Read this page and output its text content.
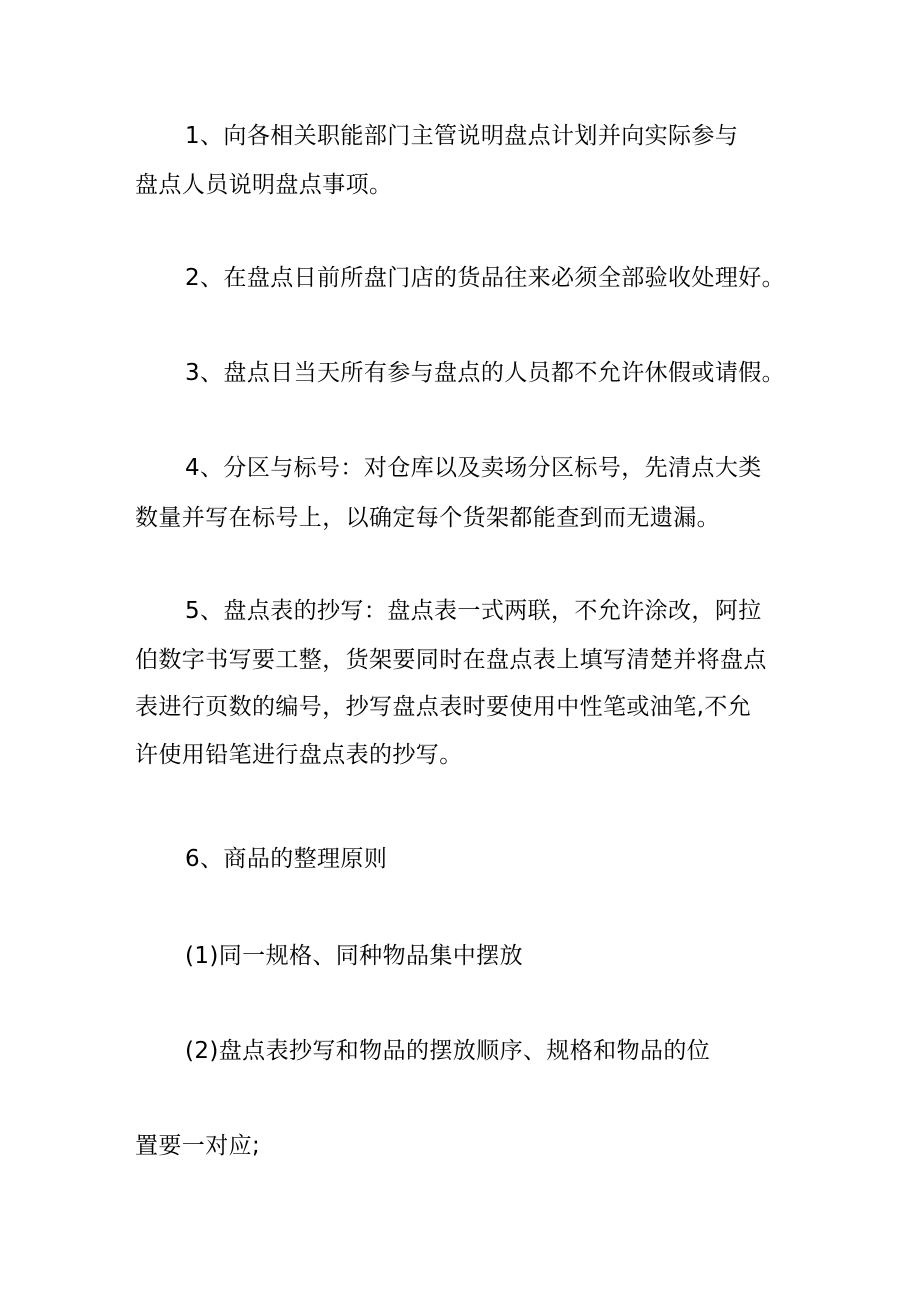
1、向各相关职能部门主管说明盘点计划并向实际参与
盘点人员说明盘点事项。
2、在盘点日前所盘门店的货品往来必须全部验收处理好。
3、盘点日当天所有参与盘点的人员都不允许休假或请假。
4、分区与标号：对仓库以及卖场分区标号，先清点大类
数量并写在标号上，以确定每个货架都能查到而无遗漏。
5、盘点表的抄写：盘点表一式两联，不允许涂改，阿拉
伯数字书写要工整，货架要同时在盘点表上填写清楚并将盘点
表进行页数的编号，抄写盘点表时要使用中性笔或油笔,不允
许使用铅笔进行盘点表的抄写。
6、商品的整理原则
(1)同一规格、同种物品集中摆放
(2)盘点表抄写和物品的摆放顺序、规格和物品的位
置要一对应;
